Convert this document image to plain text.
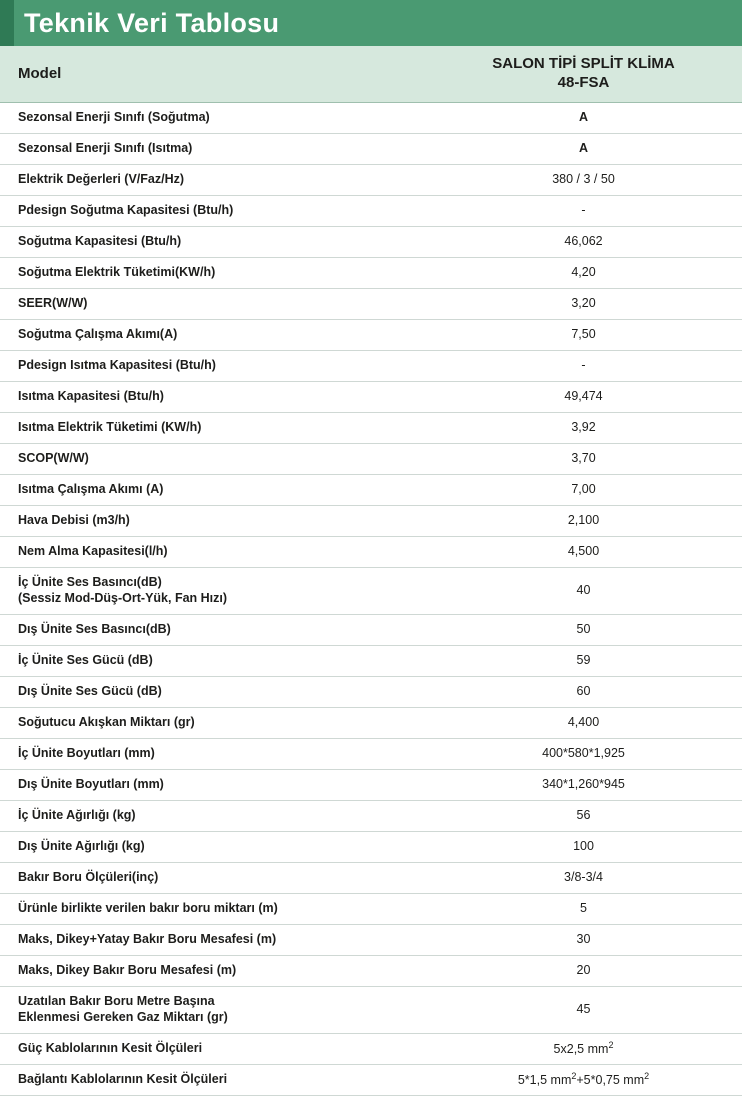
Teknik Veri Tablosu
Model	SALON TİPİ SPLİT KLİMA
48-FSA

Sezonsal Enerji Sınıfı (Soğutma)	A

Sezonsal Enerji Sınıfı (Isıtma)	A

Elektrik Değerleri (V/Faz/Hz)	380 / 3 / 50

Pdesign Soğutma Kapasitesi (Btu/h)	-

Soğutma Kapasitesi (Btu/h)	46,062

Soğutma Elektrik Tüketimi(KW/h)	4,20

SEER(W/W)	3,20

Soğutma Çalışma Akımı(A)	7,50

Pdesign Isıtma Kapasitesi (Btu/h)	-

Isıtma Kapasitesi (Btu/h)	49,474

Isıtma Elektrik Tüketimi (KW/h)	3,92

SCOP(W/W)	3,70

Isıtma Çalışma Akımı (A)	7,00

Hava Debisi (m3/h)	2,100

Nem Alma Kapasitesi(l/h)	4,500

İç Ünite Ses Basıncı(dB)
(Sessiz Mod-Düş-Ort-Yük, Fan Hızı)	40

Dış Ünite Ses Basıncı(dB)	50

İç Ünite Ses Gücü (dB)	59

Dış Ünite Ses Gücü (dB)	60

Soğutucu Akışkan Miktarı (gr)	4,400

İç Ünite Boyutları (mm)	400*580*1,925

Dış Ünite Boyutları (mm)	340*1,260*945

İç Ünite Ağırlığı (kg)	56

Dış Ünite Ağırlığı (kg)	100

Bakır Boru Ölçüleri(inç)	3/8-3/4

Ürünle birlikte verilen bakır boru miktarı (m)	5

Maks, Dikey+Yatay Bakır Boru Mesafesi (m)	30

Maks, Dikey Bakır Boru Mesafesi (m)	20

Uzatılan Bakır Boru Metre Başına
Eklenmesi Gereken Gaz Miktarı (gr)	45

Güç Kablolarının Kesit Ölçüleri	5x2,5 $mm^2$

Bağlantı Kablolarının Kesit Ölçüleri	5*1,5 $mm^2+5*0,75$ $mm^2$
